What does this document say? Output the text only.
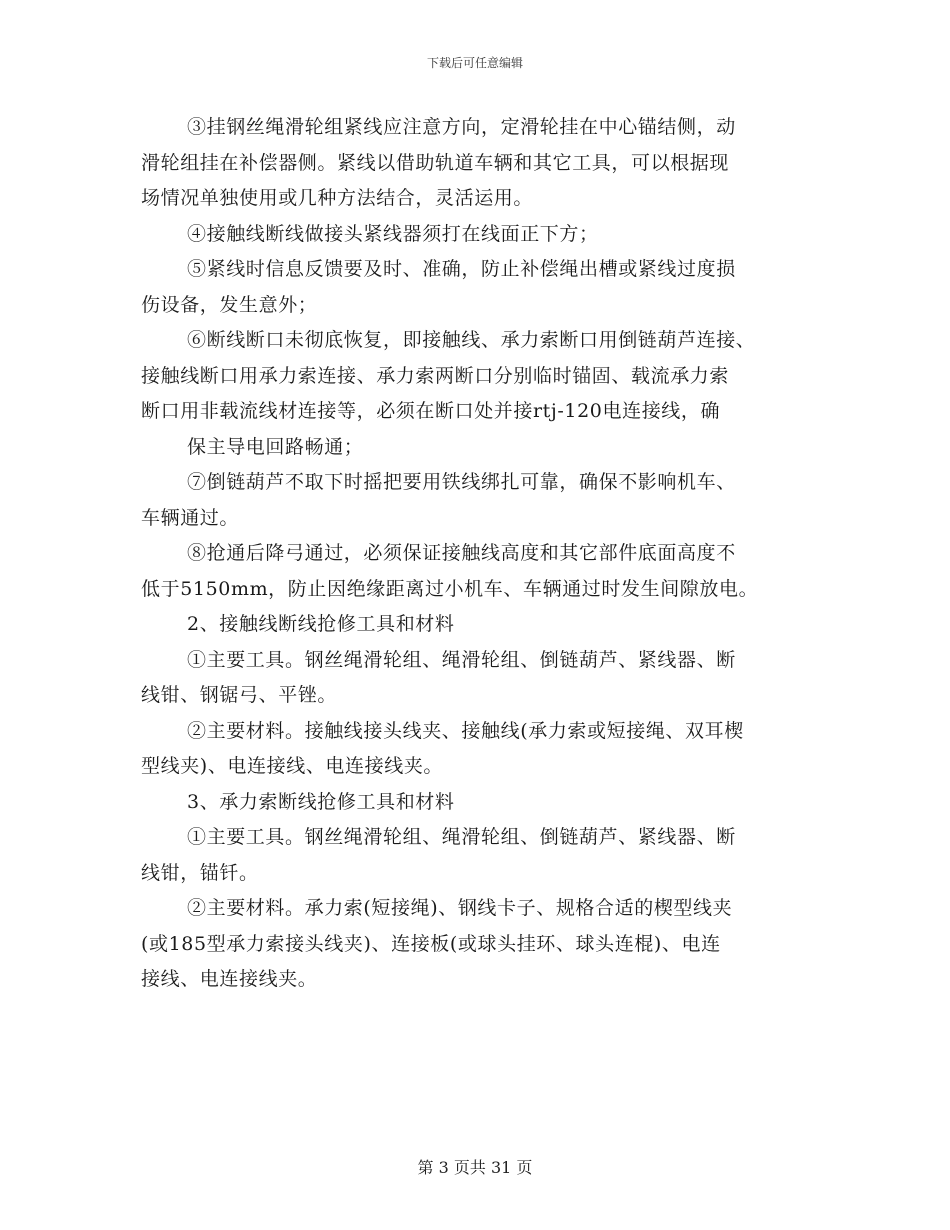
下载后可任意编辑
③挂钢丝绳滑轮组紧线应注意方向，定滑轮挂在中心锚结侧，动
滑轮组挂在补偿器侧。紧线以借助轨道车辆和其它工具，可以根据现
场情况单独使用或几种方法结合，灵活运用。
④接触线断线做接头紧线器须打在线面正下方；
⑤紧线时信息反馈要及时、准确，防止补偿绳出槽或紧线过度损
伤设备，发生意外；
⑥断线断口未彻底恢复，即接触线、承力索断口用倒链葫芦连接、
接触线断口用承力索连接、承力索两断口分别临时锚固、载流承力索
断口用非载流线材连接等，必须在断口处并接rtj-120电连接线，确
保主导电回路畅通；
⑦倒链葫芦不取下时摇把要用铁线绑扎可靠，确保不影响机车、
车辆通过。
⑧抢通后降弓通过，必须保证接触线高度和其它部件底面高度不
低于5150mm，防止因绝缘距离过小机车、车辆通过时发生间隙放电。
2、接触线断线抢修工具和材料
①主要工具。钢丝绳滑轮组、绳滑轮组、倒链葫芦、紧线器、断
线钳、钢锯弓、平锉。
②主要材料。接触线接头线夹、接触线(承力索或短接绳、双耳楔
型线夹)、电连接线、电连接线夹。
3、承力索断线抢修工具和材料
①主要工具。钢丝绳滑轮组、绳滑轮组、倒链葫芦、紧线器、断
线钳，锚钎。
②主要材料。承力索(短接绳)、钢线卡子、规格合适的楔型线夹
(或185型承力索接头线夹)、连接板(或球头挂环、球头连棍)、电连
接线、电连接线夹。
第 3 页共 31 页
